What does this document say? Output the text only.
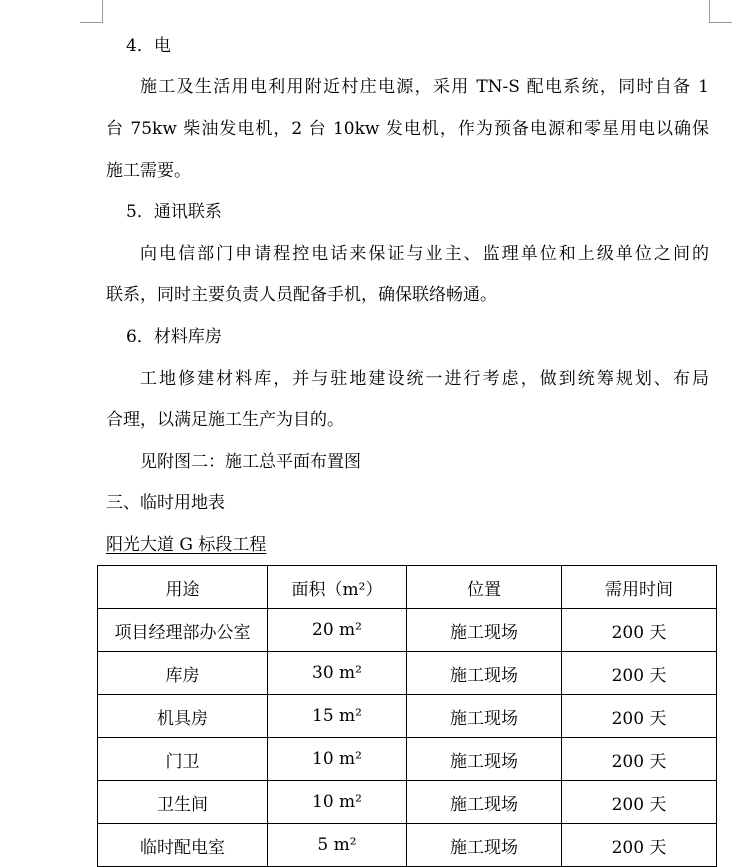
4．电
施工及生活用电利用附近村庄电源，采用 TN-S 配电系统，同时自备 1
台 75kw 柴油发电机，2 台 10kw 发电机，作为预备电源和零星用电以确保
施工需要。
5．通讯联系
向电信部门申请程控电话来保证与业主、监理单位和上级单位之间的
联系，同时主要负责人员配备手机，确保联络畅通。
6．材料库房
工地修建材料库，并与驻地建设统一进行考虑，做到统筹规划、布局
合理，以满足施工生产为目的。
见附图二：施工总平面布置图
三、临时用地表
阳光大道 G 标段工程
用途	面积（m²）	位置	需用时间
项目经理部办公室	20 m²	施工现场	200 天
库房	30 m²	施工现场	200 天
机具房	15 m²	施工现场	200 天
门卫	10 m²	施工现场	200 天
卫生间	10 m²	施工现场	200 天
临时配电室	5 m²	施工现场	200 天
